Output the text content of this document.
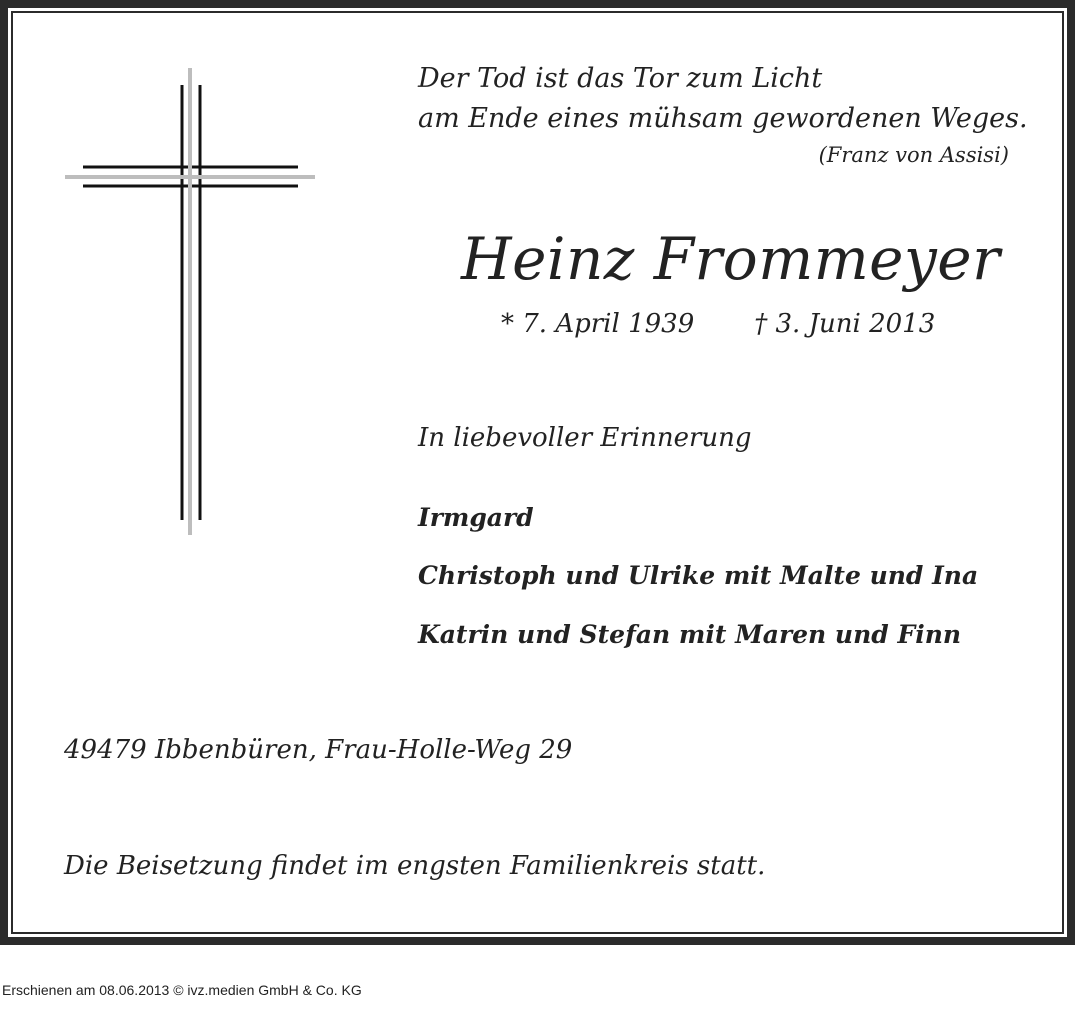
Der Tod ist das Tor zum Licht
am Ende eines mühsam gewordenen Weges.
(Franz von Assisi)
Heinz Frommeyer
* 7. April 1939 † 3. Juni 2013
In liebevoller Erinnerung
Irmgard
Christoph und Ulrike mit Malte und Ina
Katrin und Stefan mit Maren und Finn
49479 Ibbenbüren, Frau-Holle-Weg 29
Die Beisetzung findet im engsten Familienkreis statt.
Erschienen am 08.06.2013 © ivz.medien GmbH & Co. KG
